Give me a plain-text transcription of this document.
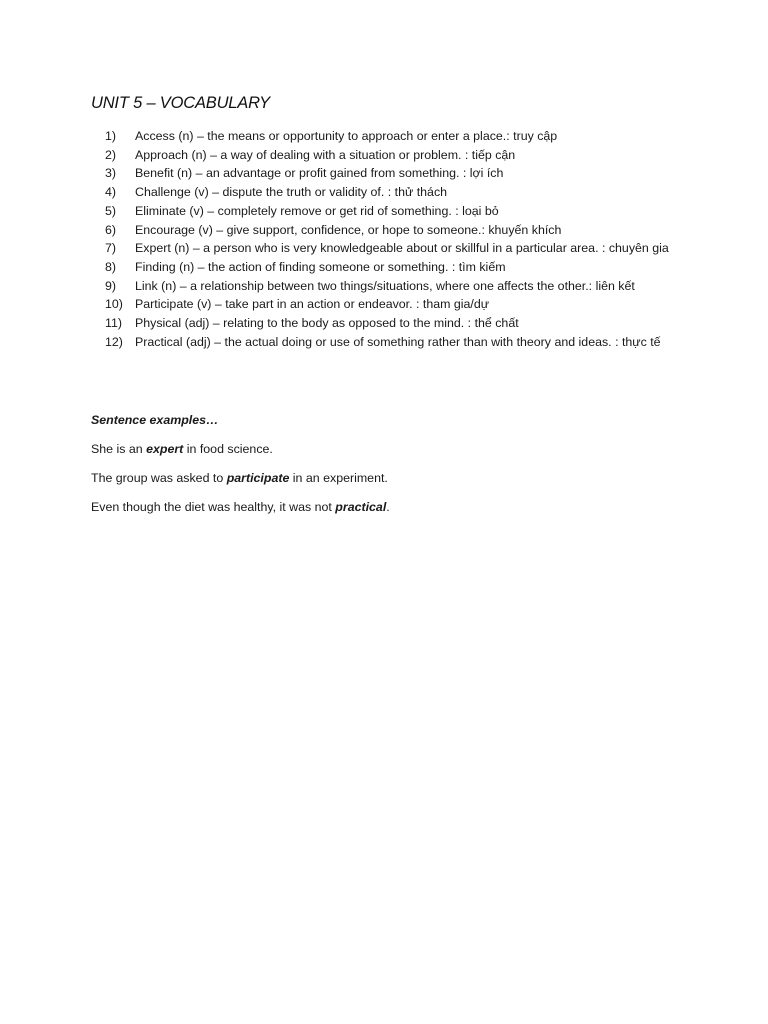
UNIT 5 – VOCABULARY
1)	Access (n) – the means or opportunity to approach or enter a place.: truy cập
2)	Approach (n) – a way of dealing with a situation or problem. : tiếp cận
3)	Benefit (n) – an advantage or profit gained from something. : lợi ích
4)	Challenge (v) – dispute the truth or validity of. : thử thách
5)	Eliminate (v) – completely remove or get rid of something. : loại bỏ
6)	Encourage (v) – give support, confidence, or hope to someone.: khuyến khích
7)	Expert (n) – a person who is very knowledgeable about or skillful in a particular area. : chuyên gia
8)	Finding (n) – the action of finding someone or something. : tìm kiếm
9)	Link (n) – a relationship between two things/situations, where one affects the other.: liên kết
10) Participate (v) – take part in an action or endeavor. : tham gia/dự
11)	Physical (adj) – relating to the body as opposed to the mind. : thể chất
12) Practical (adj) – the actual doing or use of something rather than with theory and ideas. : thực tế

Sentence examples…

She is an expert in food science.

The group was asked to participate in an experiment.

Even though the diet was healthy, it was not practical.
